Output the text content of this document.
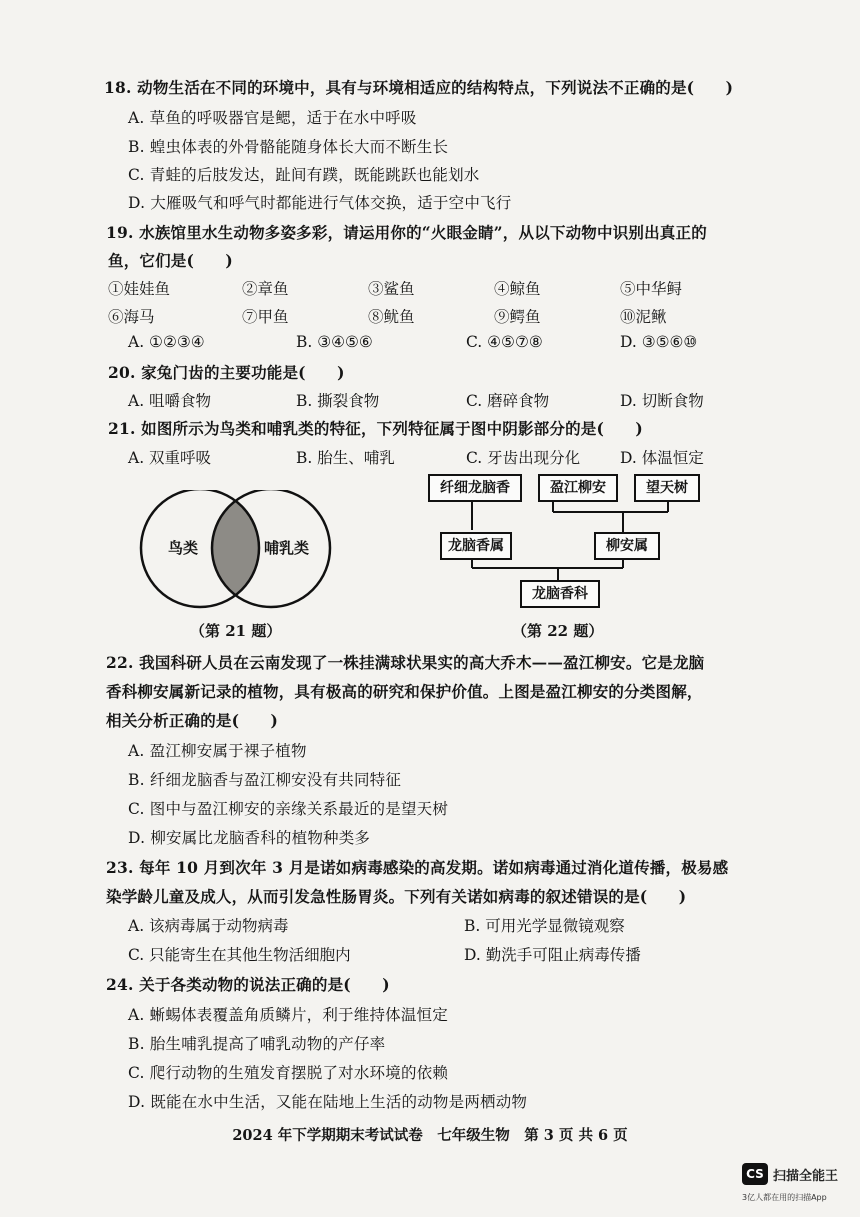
18. 动物生活在不同的环境中，具有与环境相适应的结构特点，下列说法不正确的是(　　)
A. 草鱼的呼吸器官是鳃，适于在水中呼吸
B. 蝗虫体表的外骨骼能随身体长大而不断生长
C. 青蛙的后肢发达，趾间有蹼，既能跳跃也能划水
D. 大雁吸气和呼气时都能进行气体交换，适于空中飞行
19. 水族馆里水生动物多姿多彩，请运用你的“火眼金睛”，从以下动物中识别出真正的
鱼，它们是(　　)
①娃娃鱼	②章鱼	③鲨鱼	④鲸鱼	⑤中华鲟
⑥海马	⑦甲鱼	⑧鱿鱼	⑨鳄鱼	⑩泥鳅
A. ①②③④	B. ③④⑤⑥	C. ④⑤⑦⑧	D. ③⑤⑥⑩
20. 家兔门齿的主要功能是(　　)
A. 咀嚼食物	B. 撕裂食物	C. 磨碎食物	D. 切断食物
21. 如图所示为鸟类和哺乳类的特征，下列特征属于图中阴影部分的是(　　)
A. 双重呼吸	B. 胎生、哺乳	C. 牙齿出现分化	D. 体温恒定
鸟类	哺乳类
纤细龙脑香	盈江柳安	望天树
龙脑香属	柳安属
龙脑香科
（第 21 题）	（第 22 题）
22. 我国科研人员在云南发现了一株挂满球状果实的高大乔木——盈江柳安。它是龙脑
香科柳安属新记录的植物，具有极高的研究和保护价值。上图是盈江柳安的分类图解，
相关分析正确的是(　　)
A. 盈江柳安属于裸子植物
B. 纤细龙脑香与盈江柳安没有共同特征
C. 图中与盈江柳安的亲缘关系最近的是望天树
D. 柳安属比龙脑香科的植物种类多
23. 每年 10 月到次年 3 月是诺如病毒感染的高发期。诺如病毒通过消化道传播，极易感
染学龄儿童及成人，从而引发急性肠胃炎。下列有关诺如病毒的叙述错误的是(　　)
A. 该病毒属于动物病毒	B. 可用光学显微镜观察
C. 只能寄生在其他生物活细胞内	D. 勤洗手可阻止病毒传播
24. 关于各类动物的说法正确的是(　　)
A. 蜥蜴体表覆盖角质鳞片，利于维持体温恒定
B. 胎生哺乳提高了哺乳动物的产仔率
C. 爬行动物的生殖发育摆脱了对水环境的依赖
D. 既能在水中生活，又能在陆地上生活的动物是两栖动物
2024 年下学期期末考试试卷　七年级生物　第 3 页 共 6 页
CS 扫描全能王
3亿人都在用的扫描App
